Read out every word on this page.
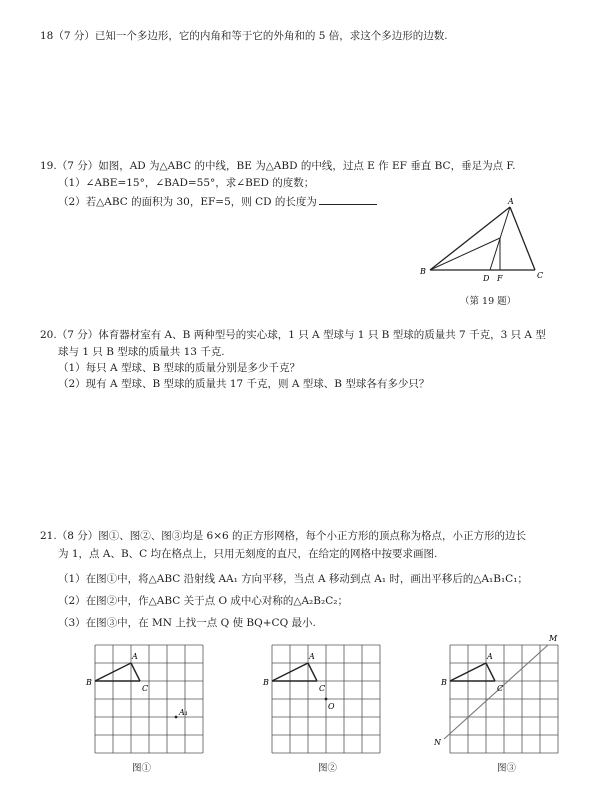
18（7 分）已知一个多边形，它的内角和等于它的外角和的 5 倍，求这个多边形的边数.
19.（7 分）如图，AD 为△ABC 的中线，BE 为△ABD 的中线，过点 E 作 EF 垂直 BC，垂足为点 F.
（1）∠ABE=15°，∠BAD=55°，求∠BED 的度数；
（2）若△ABC 的面积为 30，EF=5，则 CD 的长度为	A
B
D F	C
（第 19 题）
20.（7 分）体育器材室有 A、B 两种型号的实心球，1 只 A 型球与 1 只 B 型球的质量共 7 千克，3 只 A 型
球与 1 只 B 型球的质量共 13 千克.
（1）每只 A 型球、B 型球的质量分别是多少千克？
（2）现有 A 型球、B 型球的质量共 17 千克，则 A 型球、B 型球各有多少只？
21.（8 分）图①、图②、图③均是 6×6 的正方形网格，每个小正方形的顶点称为格点，小正方形的边长
为 1，点 A、B、C 均在格点上，只用无刻度的直尺，在给定的网格中按要求画图.
（1）在图①中，将△ABC 沿射线 AA₁ 方向平移，当点 A 移动到点 A₁ 时，画出平移后的△A₁B₁C₁；
（2）在图②中，作△ABC 关于点 O 成中心对称的△A₂B₂C₂；
（3）在图③中，在 MN 上找一点 Q 使 BQ+CQ 最小.
A
B
C
A₁
图①
A
B
C
O
图②
A
B
C
M
N
图③
